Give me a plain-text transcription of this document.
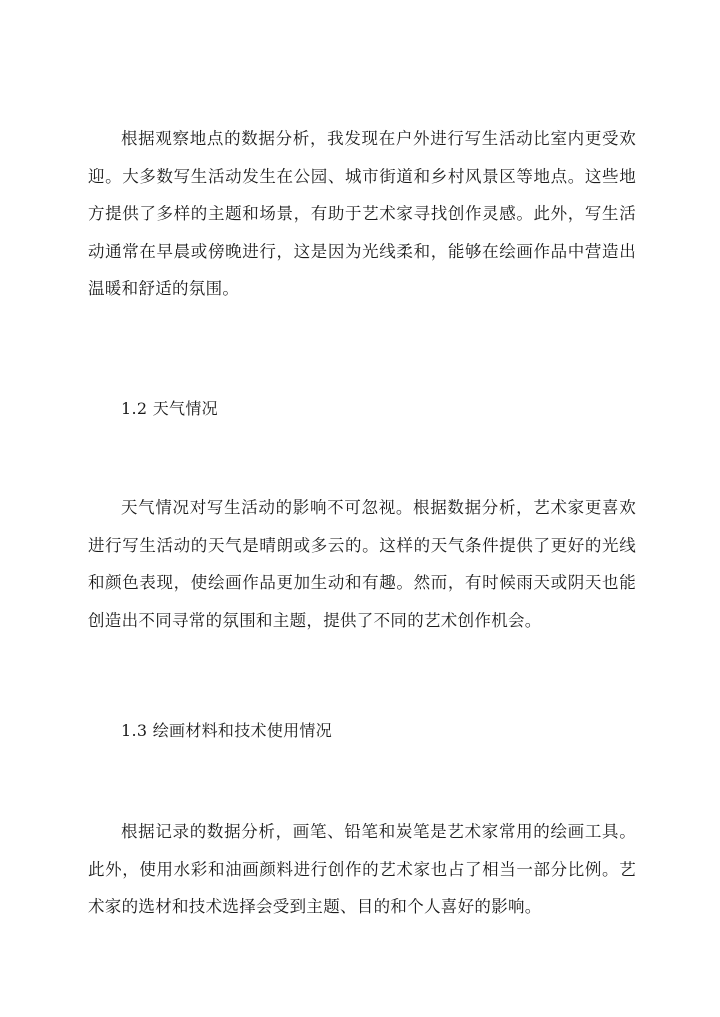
根据观察地点的数据分析，我发现在户外进行写生活动比室内更受欢迎。大多数写生活动发生在公园、城市街道和乡村风景区等地点。这些地方提供了多样的主题和场景，有助于艺术家寻找创作灵感。此外，写生活动通常在早晨或傍晚进行，这是因为光线柔和，能够在绘画作品中营造出温暖和舒适的氛围。

1.2 天气情况

天气情况对写生活动的影响不可忽视。根据数据分析，艺术家更喜欢进行写生活动的天气是晴朗或多云的。这样的天气条件提供了更好的光线和颜色表现，使绘画作品更加生动和有趣。然而，有时候雨天或阴天也能创造出不同寻常的氛围和主题，提供了不同的艺术创作机会。

1.3 绘画材料和技术使用情况

根据记录的数据分析，画笔、铅笔和炭笔是艺术家常用的绘画工具。此外，使用水彩和油画颜料进行创作的艺术家也占了相当一部分比例。艺术家的选材和技术选择会受到主题、目的和个人喜好的影响。
